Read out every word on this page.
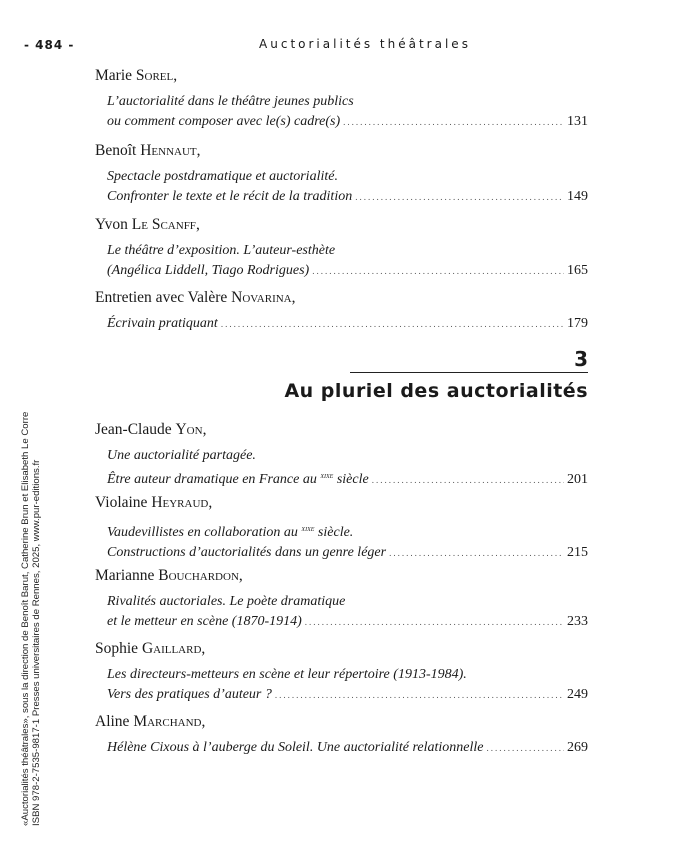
- 484 -	Auctorialités théâtrales
Marie Sorel,
L’auctorialité dans le théâtre jeunes publics
ou comment composer avec le(s) cadre(s) .....	131
Benoît Hennaut,
Spectacle postdramatique et auctorialité.
Confronter le texte et le récit de la tradition .....	149
Yvon Le Scanff,
Le théâtre d’exposition. L’auteur-esthète
(Angélica Liddell, Tiago Rodrigues) .....	165
Entretien avec Valère Novarina,
Écrivain pratiquant .....	179
3
Au pluriel des auctorialités
Jean-Claude Yon,
Une auctorialité partagée.
Être auteur dramatique en France au $^{xixe}$ siècle .....	201
Violaine Heyraud,
Vaudevillistes en collaboration au $^{xixe}$ siècle.
Constructions d’auctorialités dans un genre léger .....	215
Marianne Bouchardon,
Rivalités auctoriales. Le poète dramatique
et le metteur en scène (1870-1914) .....	233
Sophie Gaillard,
Les directeurs-metteurs en scène et leur répertoire (1913-1984).
Vers des pratiques d’auteur ? .....	249
Aline Marchand,
Hélène Cixous à l’auberge du Soleil. Une auctorialité relationnelle .....	269
«Auctorialités théâtrales», sous la direction de Benoît Barut, Catherine Brun et Elisabeth Le Corre ISBN 978-2-7535-9817-1 Presses universitaires de Rennes, 2025, www.pur-editions.fr
